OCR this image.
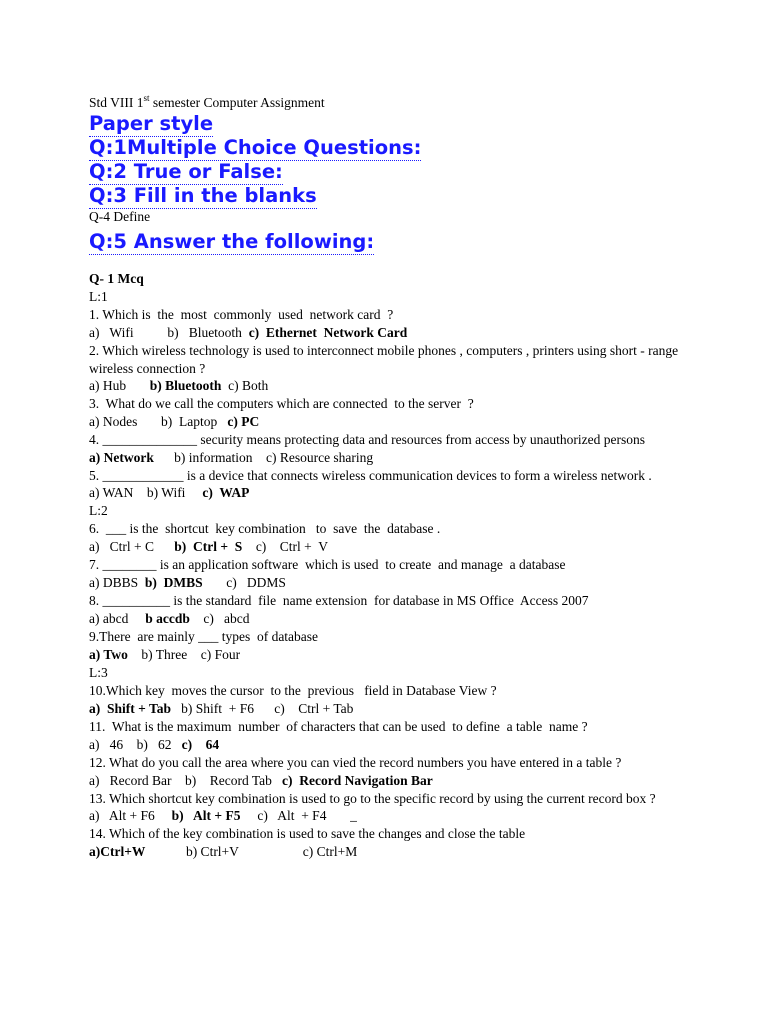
Std VIII 1st semester Computer Assignment

Paper style
Q:1Multiple Choice Questions:
Q:2 True or False:
Q:3 Fill in the blanks

Q-4 Define

Q:5 Answer the following:

Q- 1 Mcq

L:1

1. Which is  the  most  commonly  used  network card  ?

a)   Wifi          b)   Bluetooth  c)  Ethernet  Network Card

2. Which wireless technology is used to interconnect mobile phones , computers , printers using short - range wireless connection ?

a) Hub       b) Bluetooth  c) Both

3.  What do we call the computers which are connected  to the server  ?

a) Nodes       b)  Laptop   c) PC

4. ______________ security means protecting data and resources from access by unauthorized persons

a) Network      b) information    c) Resource sharing

5. ____________ is a device that connects wireless communication devices to form a wireless network .

a) WAN    b) Wifi     c)  WAP

L:2

6.  ___ is the  shortcut  key combination   to  save  the  database .

a)   Ctrl + C      b)  Ctrl +  S    c)    Ctrl +  V

7. ________ is an application software  which is used  to create  and manage  a database

a) DBBS  b)  DMBS       c)   DDMS

8. __________ is the standard  file  name extension  for database in MS Office  Access 2007

a) abcd     b accdb    c)   abcd

9.There  are mainly ___ types  of database

a) Two    b) Three    c) Four

L:3

10.Which key  moves the cursor  to the  previous   field in Database View ?

a)  Shift + Tab   b) Shift  + F6      c)    Ctrl + Tab

11.  What is the maximum  number  of characters that can be used  to define  a table  name ?

a)   46    b)   62   c)    64

12. What do you call the area where you can vied the record numbers you have entered in a table ?

a)   Record Bar    b)    Record Tab   c)  Record Navigation Bar

13. Which shortcut key combination is used to go to the specific record by using the current record box ?

a)   Alt + F6     b)   Alt + F5     c)   Alt  + F4       _

14. Which of the key combination is used to save the changes and close the table

a)Ctrl+W            b) Ctrl+V                   c) Ctrl+M
